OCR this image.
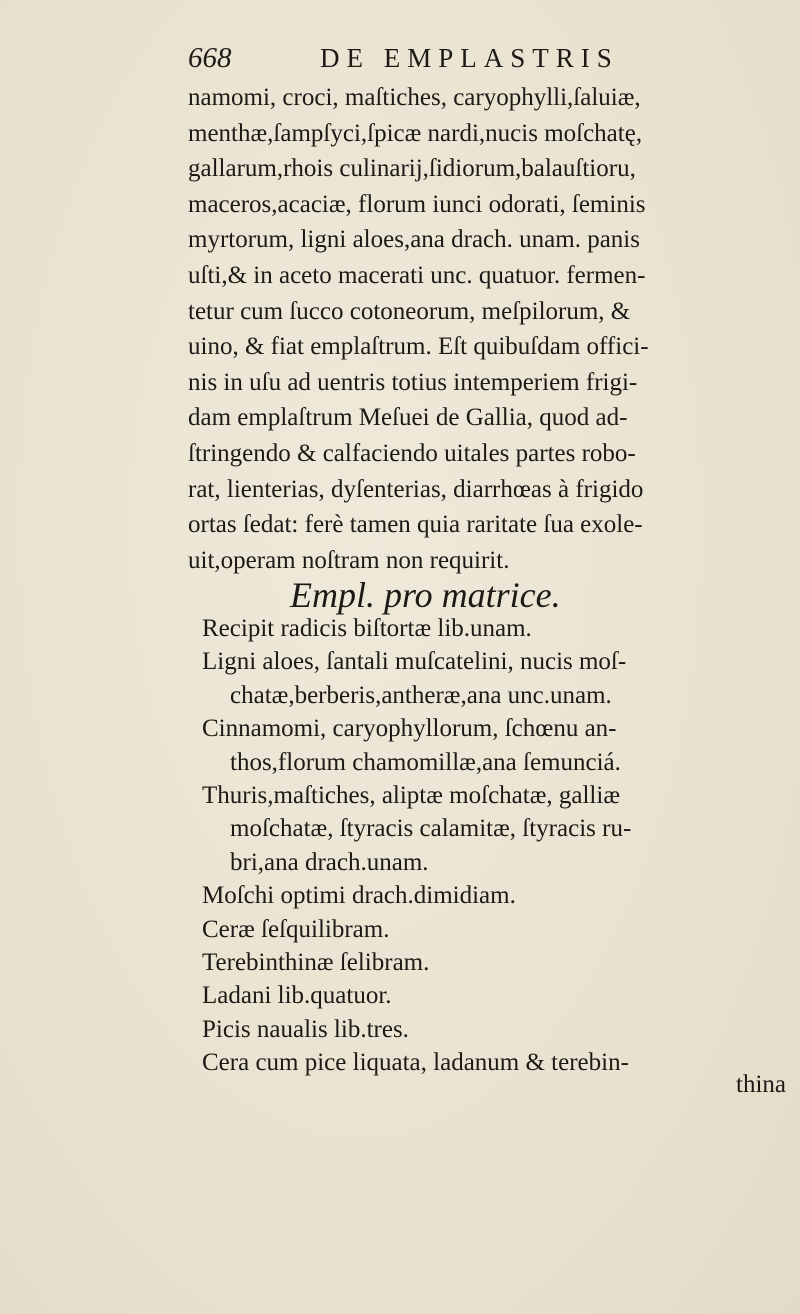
668	DE EMPLASTRIS
namomi, croci, maſtiches, caryophylli,ſaluiæ,
menthæ,ſampſyci,ſpicæ nardi,nucis moſchatę,
gallarum,rhois culinarij,ſidiorum,balauſtioru,
maceros,acaciæ, florum iunci odorati, ſeminis
myrtorum, ligni aloes,ana drach. unam. panis
uſti,& in aceto macerati unc. quatuor. fermen-
tetur cum ſucco cotoneorum, meſpilorum, &
uino, & fiat emplaſtrum. Eſt quibuſdam offici-
nis in uſu ad uentris totius intemperiem frigi-
dam emplaſtrum Meſuei de Gallia, quod ad-
ſtringendo & calfaciendo uitales partes robo-
rat, lienterias, dyſenterias, diarrhœas à frigido
ortas ſedat: ferè tamen quia raritate ſua exole-
uit,operam noſtram non requirit.
Empl. pro matrice.
Recipit radicis biſtortæ lib.unam.
Ligni aloes, ſantali muſcatelini, nucis moſ-
chatæ,berberis,antheræ,ana unc.unam.
Cinnamomi, caryophyllorum, ſchœnu an-
thos,florum chamomillæ,ana ſemunciá.
Thuris,maſtiches, aliptæ moſchatæ, galliæ
moſchatæ, ſtyracis calamitæ, ſtyracis ru-
bri,ana drach.unam.
Moſchi optimi drach.dimidiam.
Ceræ ſeſquilibram.
Terebinthinæ ſelibram.
Ladani lib.quatuor.
Picis naualis lib.tres.
Cera cum pice liquata, ladanum & terebin-
thina
